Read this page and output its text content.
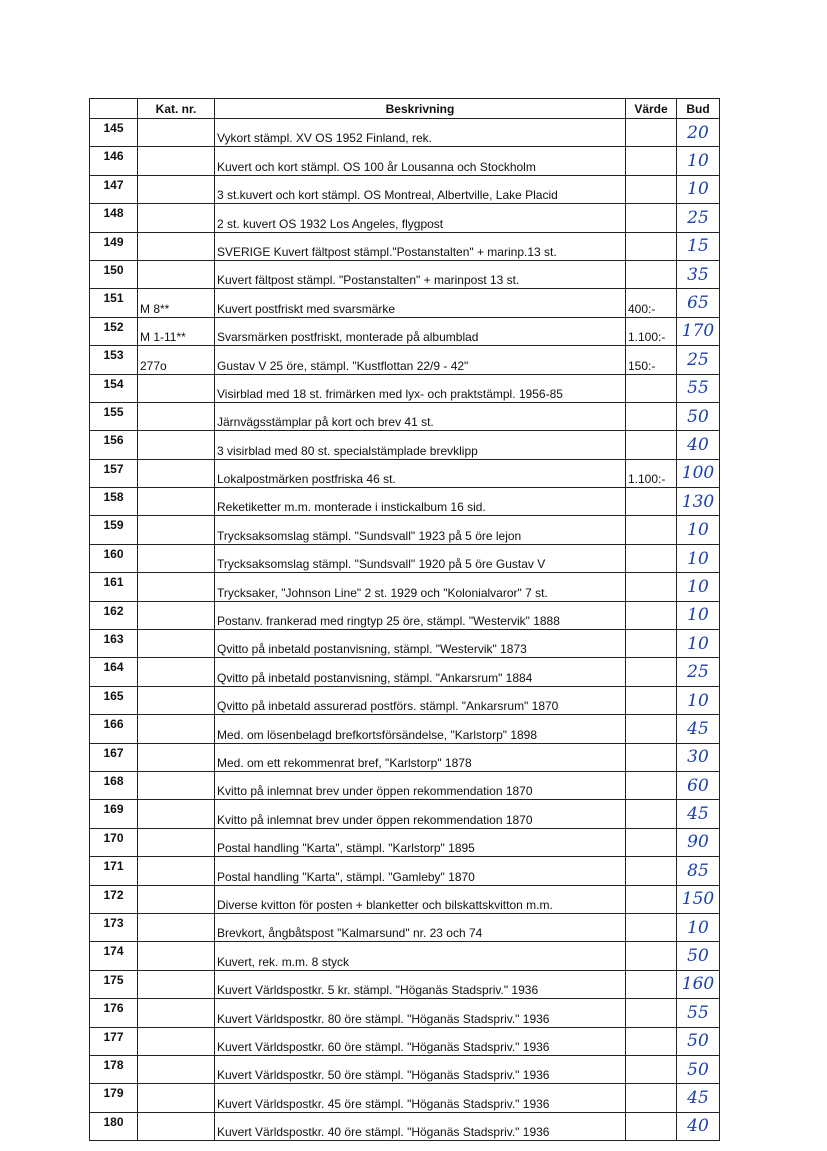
	Kat. nr.	Beskrivning	Värde	Bud
145		Vykort stämpl. XV OS 1952 Finland, rek.		20
146		Kuvert och kort stämpl. OS 100 år Lousanna och Stockholm		10
147		3 st.kuvert och kort stämpl. OS Montreal, Albertville, Lake Placid		10
148		2 st. kuvert OS 1932 Los Angeles, flygpost		25
149		SVERIGE Kuvert fältpost stämpl."Postanstalten" + marinp.13 st.		15
150		Kuvert fältpost stämpl. "Postanstalten" + marinpost 13 st.		35
151	M 8**	Kuvert postfriskt med svarsmärke	400:-	65
152	M 1-11**	Svarsmärken postfriskt, monterade på albumblad	1.100:-	170
153	277o	Gustav V 25 öre, stämpl. "Kustflottan 22/9 - 42"	150:-	25
154		Visirblad med 18 st. frimärken med lyx- och praktstämpl. 1956-85		55
155		Järnvägsstämplar på kort och brev 41 st.		50
156		3 visirblad med 80 st. specialstämplade brevklipp		40
157		Lokalpostmärken postfriska 46 st.	1.100:-	100
158		Reketiketter m.m. monterade i instickalbum 16 sid.		130
159		Trycksaksomslag stämpl. "Sundsvall" 1923 på 5 öre lejon		10
160		Trycksaksomslag stämpl. "Sundsvall" 1920 på 5 öre Gustav V		10
161		Trycksaker, "Johnson Line" 2 st. 1929 och "Kolonialvaror" 7 st.		10
162		Postanv. frankerad med ringtyp 25 öre, stämpl. "Westervik" 1888		10
163		Qvitto på inbetald postanvisning, stämpl. "Westervik" 1873		10
164		Qvitto på inbetald postanvisning, stämpl. "Ankarsrum" 1884		25
165		Qvitto på inbetald assurerad postförs. stämpl. "Ankarsrum" 1870		10
166		Med. om lösenbelagd brefkortsförsändelse, "Karlstorp" 1898		45
167		Med. om ett rekommenrat bref, "Karlstorp" 1878		30
168		Kvitto på inlemnat brev under öppen rekommendation 1870		60
169		Kvitto på inlemnat brev under öppen rekommendation 1870		45
170		Postal handling "Karta", stämpl. "Karlstorp" 1895		90
171		Postal handling "Karta", stämpl. "Gamleby" 1870		85
172		Diverse kvitton för posten + blanketter och bilskattskvitton m.m.		150
173		Brevkort, ångbåtspost "Kalmarsund" nr. 23 och 74		10
174		Kuvert, rek. m.m. 8 styck		50
175		Kuvert Världspostkr. 5 kr. stämpl. "Höganäs Stadspriv." 1936		160
176		Kuvert Världspostkr. 80 öre stämpl. "Höganäs Stadspriv." 1936		55
177		Kuvert Världspostkr. 60 öre stämpl. "Höganäs Stadspriv." 1936		50
178		Kuvert Världspostkr. 50 öre stämpl. "Höganäs Stadspriv." 1936		50
179		Kuvert Världspostkr. 45 öre stämpl. "Höganäs Stadspriv." 1936		45
180		Kuvert Världspostkr. 40 öre stämpl. "Höganäs Stadspriv." 1936		40
